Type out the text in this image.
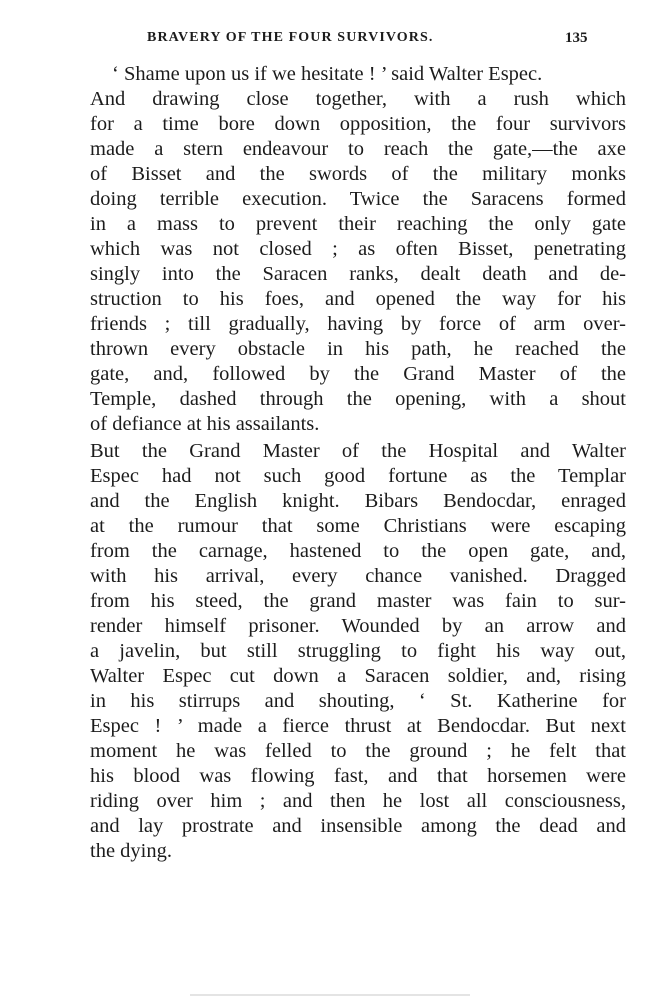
BRAVERY OF THE FOUR SURVIVORS.	135

‘ Shame upon us if we hesitate ! ’ said Walter Espec.

And drawing close together, with a rush which
for a time bore down opposition, the four survivors
made a stern endeavour to reach the gate,—the axe
of Bisset and the swords of the military monks
doing terrible execution. Twice the Saracens formed
in a mass to prevent their reaching the only gate
which was not closed ; as often Bisset, penetrating
singly into the Saracen ranks, dealt death and de-
struction to his foes, and opened the way for his
friends ; till gradually, having by force of arm over-
thrown every obstacle in his path, he reached the
gate, and, followed by the Grand Master of the
Temple, dashed through the opening, with a shout
of defiance at his assailants.

But the Grand Master of the Hospital and Walter
Espec had not such good fortune as the Templar
and the English knight. Bibars Bendocdar, enraged
at the rumour that some Christians were escaping
from the carnage, hastened to the open gate, and,
with his arrival, every chance vanished. Dragged
from his steed, the grand master was fain to sur-
render himself prisoner. Wounded by an arrow and
a javelin, but still struggling to fight his way out,
Walter Espec cut down a Saracen soldier, and, rising
in his stirrups and shouting, ‘ St. Katherine for
Espec ! ’ made a fierce thrust at Bendocdar. But next
moment he was felled to the ground ; he felt that
his blood was flowing fast, and that horsemen were
riding over him ; and then he lost all consciousness,
and lay prostrate and insensible among the dead and
the dying.
